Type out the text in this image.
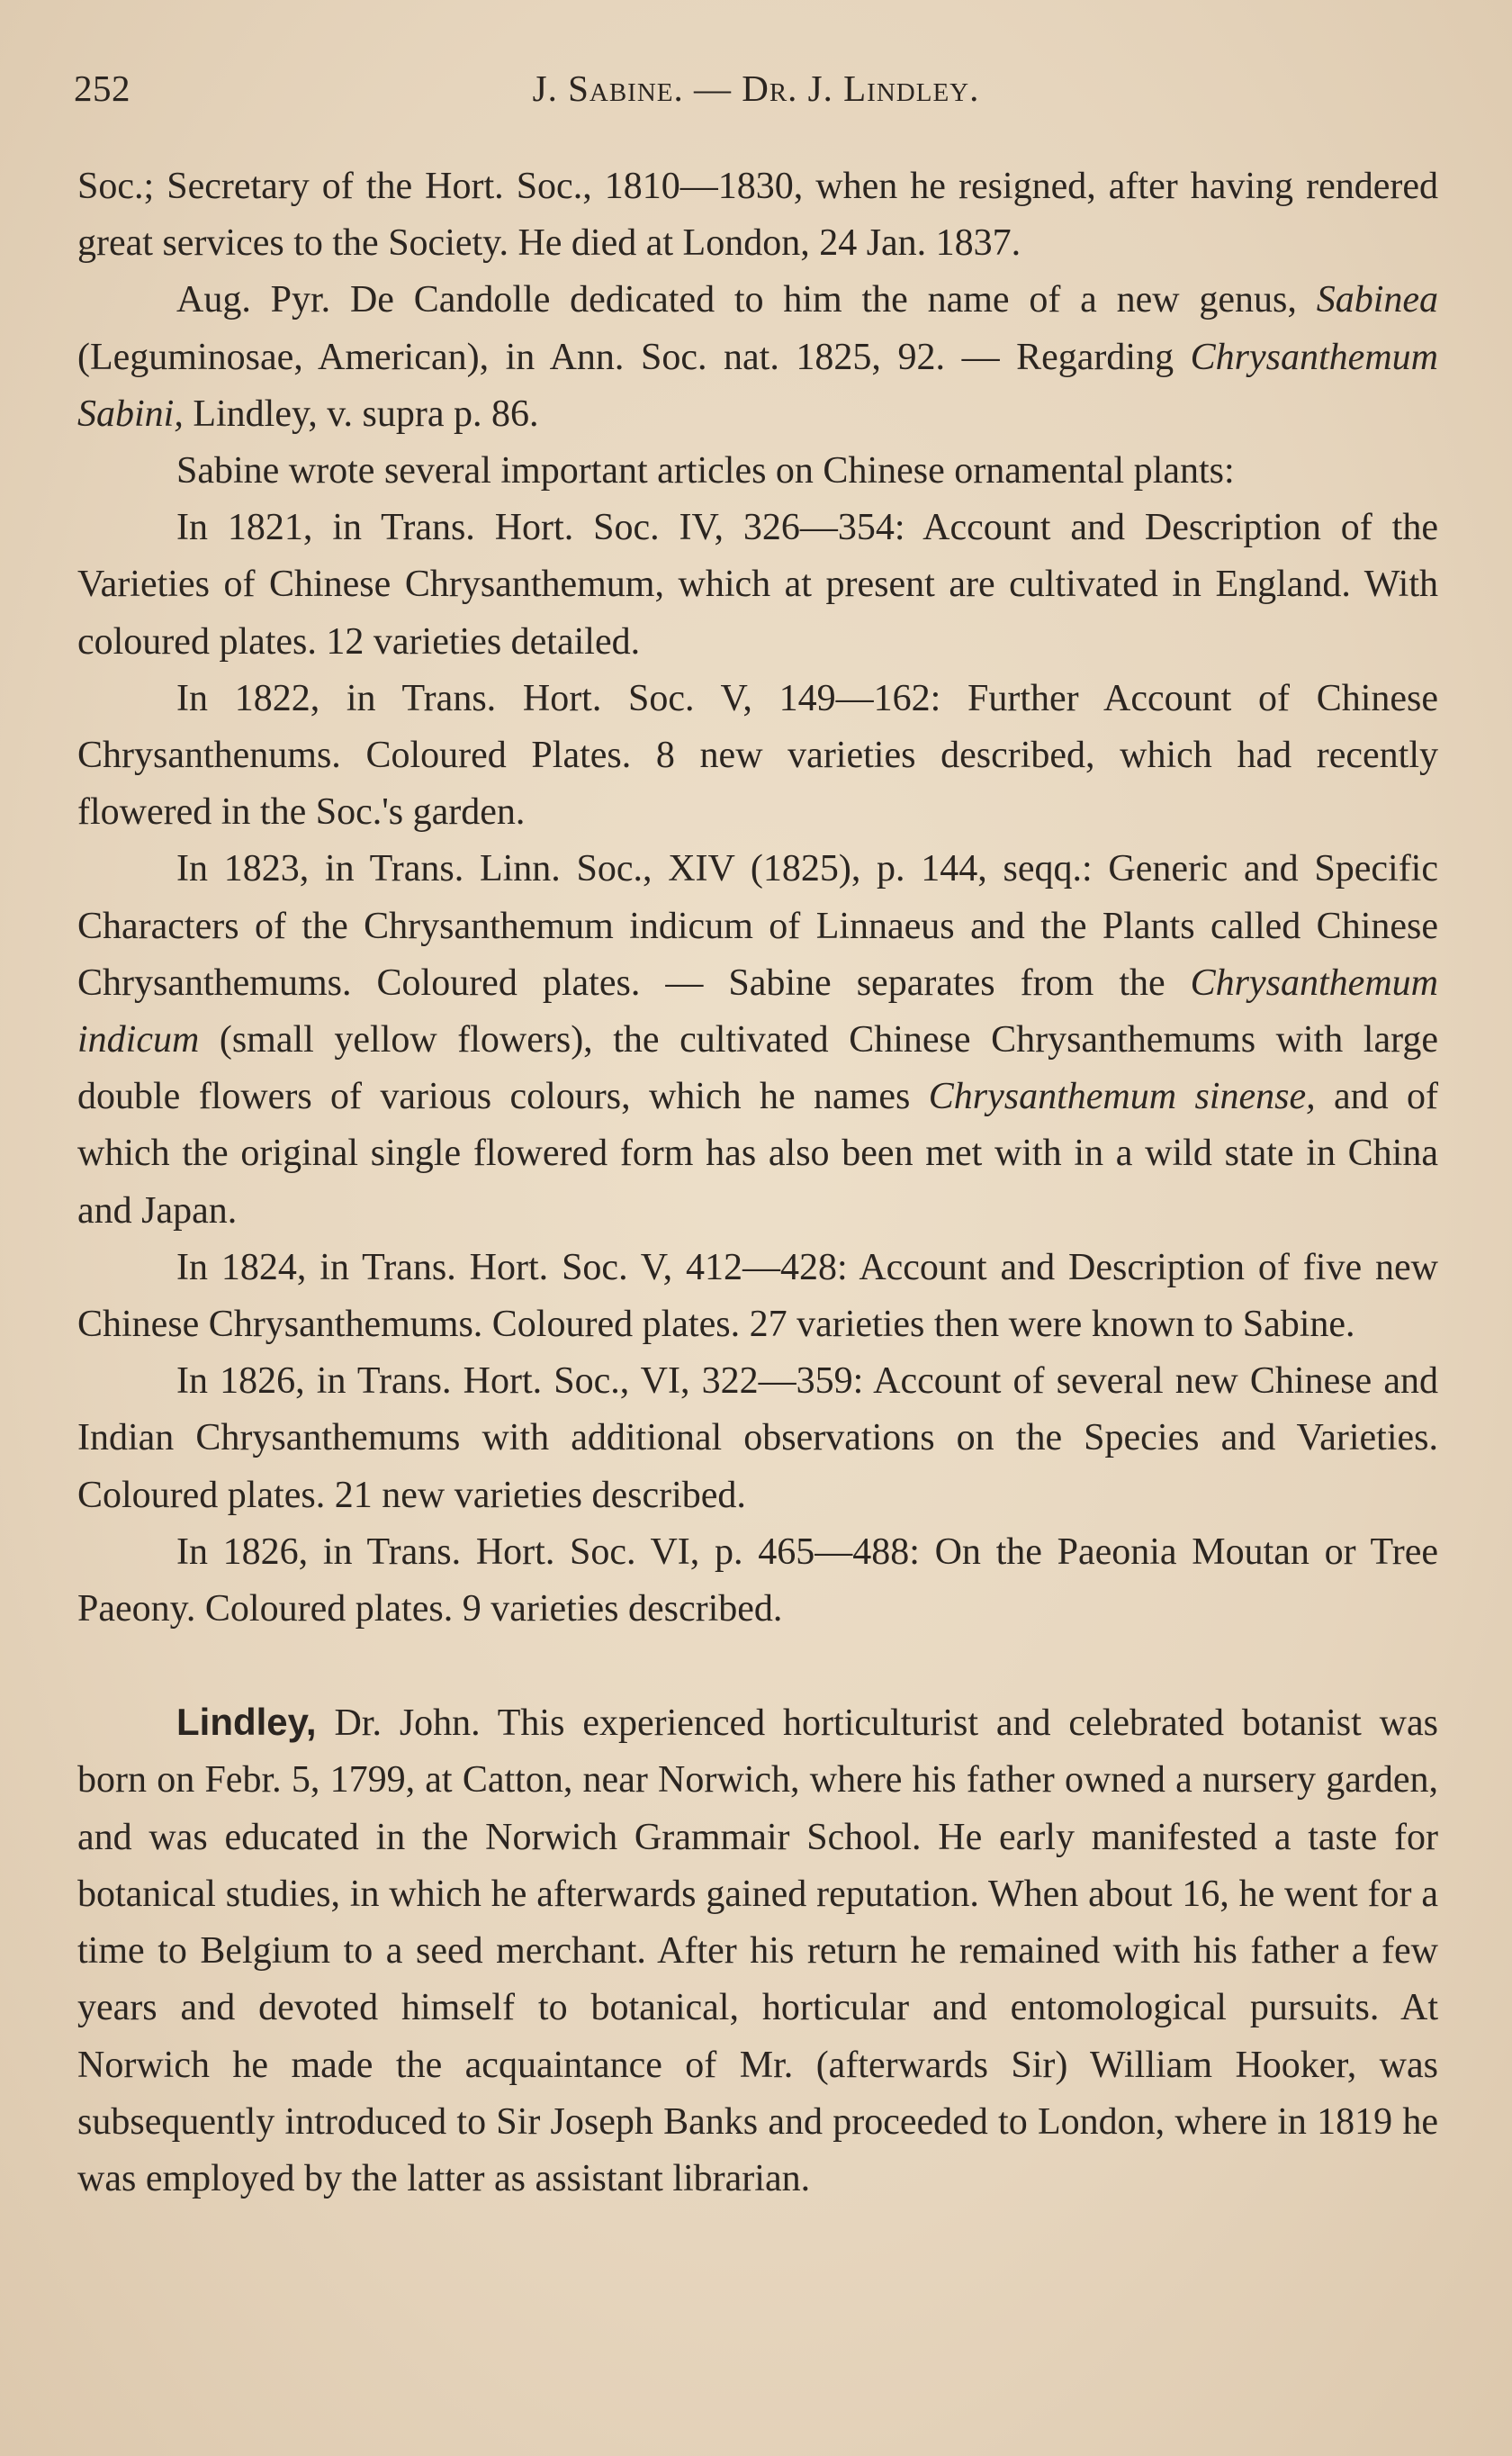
252	J. Sabine. — Dr. J. Lindley.

Soc.; Secretary of the Hort. Soc., 1810—1830, when he resigned, after having rendered great services to the Society. He died at London, 24 Jan. 1837.

Aug. Pyr. De Candolle dedicated to him the name of a new genus, Sabinea (Leguminosae, American), in Ann. Soc. nat. 1825, 92. — Regarding Chrysanthemum Sabini, Lindley, v. supra p. 86.

Sabine wrote several important articles on Chinese ornamental plants:

In 1821, in Trans. Hort. Soc. IV, 326—354: Account and Description of the Varieties of Chinese Chrysanthemum, which at present are cultivated in England. With coloured plates. 12 varieties detailed.

In 1822, in Trans. Hort. Soc. V, 149—162: Further Account of Chinese Chrysanthenums. Coloured Plates. 8 new varieties described, which had recently flowered in the Soc.'s garden.

In 1823, in Trans. Linn. Soc., XIV (1825), p. 144, seqq.: Generic and Specific Characters of the Chrysanthemum indicum of Linnaeus and the Plants called Chinese Chrysanthemums. Coloured plates. — Sabine separates from the Chrysanthemum indicum (small yellow flowers), the cultivated Chinese Chrysanthemums with large double flowers of various colours, which he names Chrysanthemum sinense, and of which the original single flowered form has also been met with in a wild state in China and Japan.

In 1824, in Trans. Hort. Soc. V, 412—428: Account and Description of five new Chinese Chrysanthemums. Coloured plates. 27 varieties then were known to Sabine.

In 1826, in Trans. Hort. Soc., VI, 322—359: Account of several new Chinese and Indian Chrysanthemums with additional observations on the Species and Varieties. Coloured plates. 21 new varieties described.

In 1826, in Trans. Hort. Soc. VI, p. 465—488: On the Paeonia Moutan or Tree Paeony. Coloured plates. 9 varieties described.

Lindley, Dr. John. This experienced horticulturist and celebrated botanist was born on Febr. 5, 1799, at Catton, near Norwich, where his father owned a nursery garden, and was educated in the Norwich Grammair School. He early manifested a taste for botanical studies, in which he afterwards gained reputation. When about 16, he went for a time to Belgium to a seed merchant. After his return he remained with his father a few years and devoted himself to botanical, horticular and entomological pursuits. At Norwich he made the acquaintance of Mr. (afterwards Sir) William Hooker, was subsequently introduced to Sir Joseph Banks and proceeded to London, where in 1819 he was employed by the latter as assistant librarian.
